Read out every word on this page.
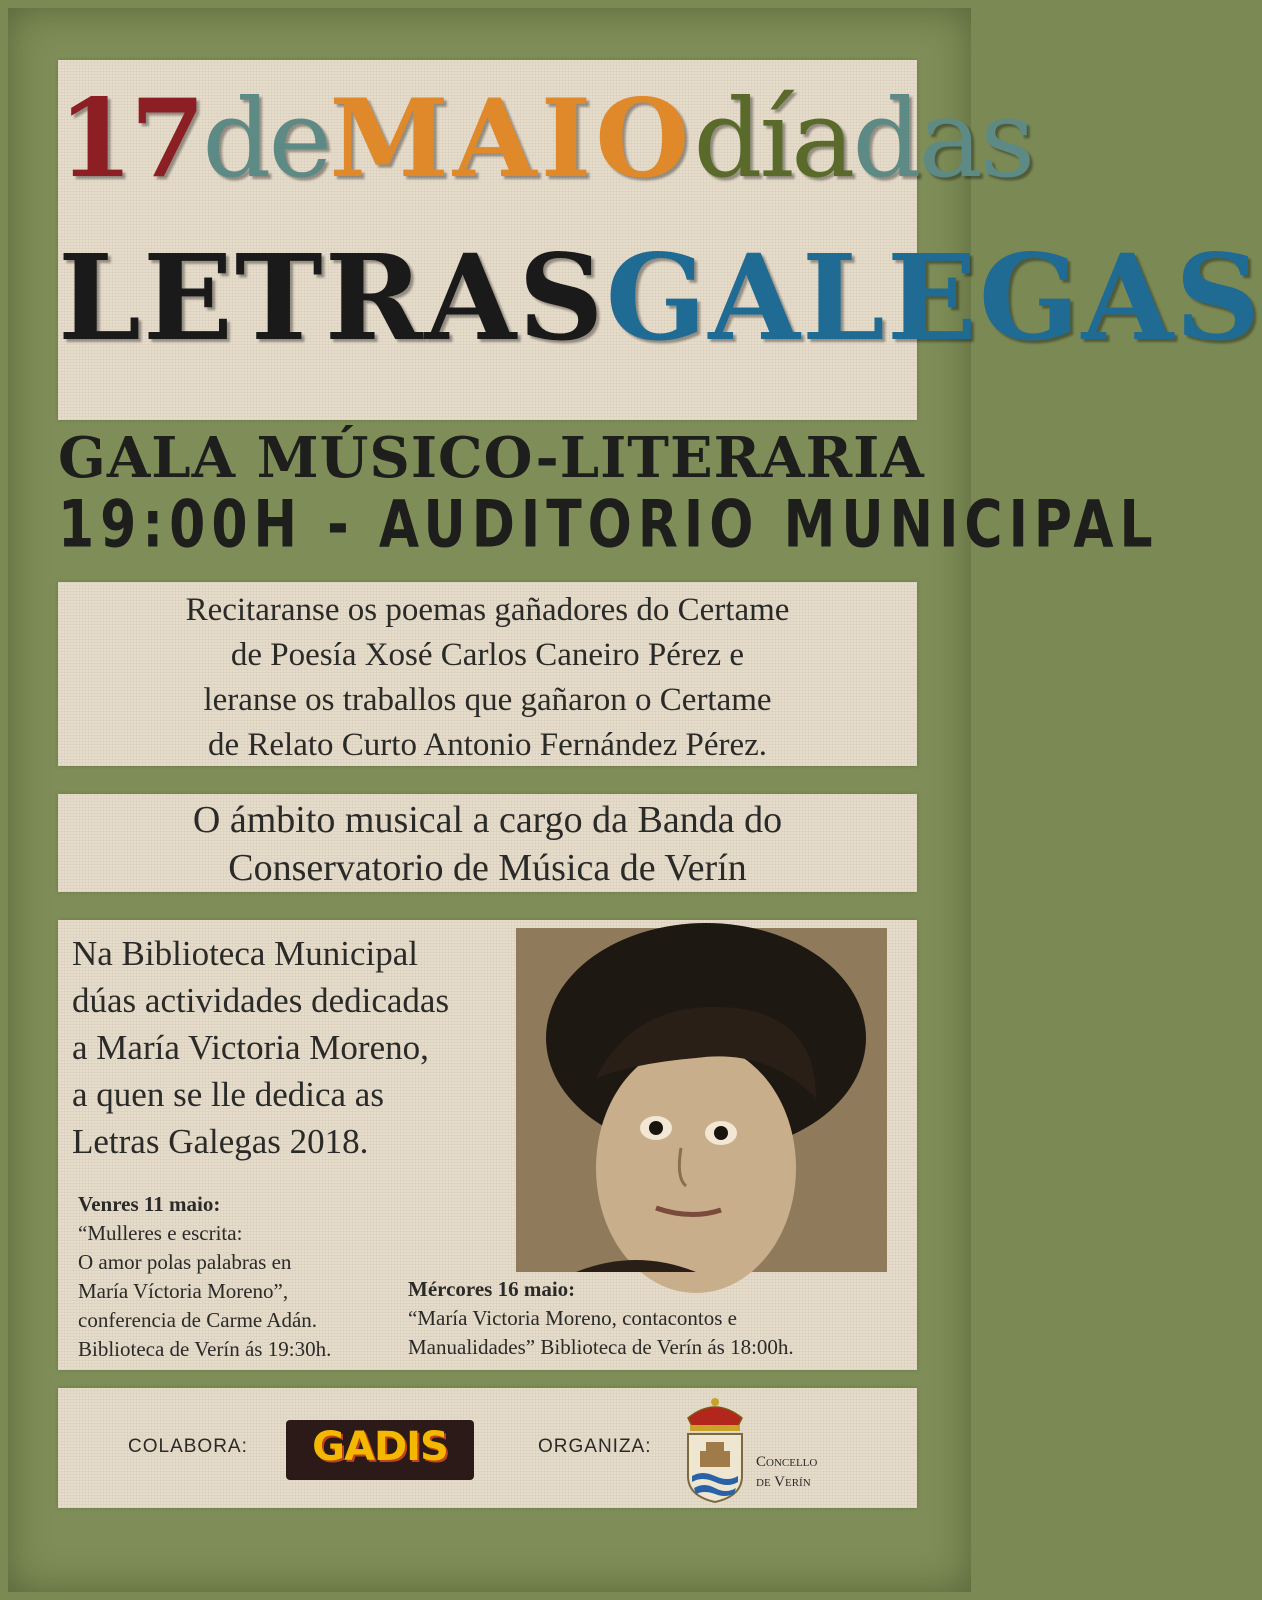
17deMAIOdíadas
LETRASGALEGAS
GALA MÚSICO-LITERARIA
19:00H - AUDITORIO MUNICIPAL
Recitaranse os poemas gañadores do Certame
de Poesía Xosé Carlos Caneiro Pérez e
leranse os traballos que gañaron o Certame
de Relato Curto Antonio Fernández Pérez.
O ámbito musical a cargo da Banda do
Conservatorio de Música de Verín
Na Biblioteca Municipal
dúas actividades dedicadas
a María Victoria Moreno,
a quen se lle dedica as
Letras Galegas 2018.
Venres 11 maio:
“Mulleres e escrita:
O amor polas palabras en
María Víctoria Moreno”,
conferencia de Carme Adán.
Biblioteca de Verín ás 19:30h.
Mércores 16 maio:
“María Victoria Moreno, contacontos e
Manualidades” Biblioteca de Verín ás 18:00h.
COLABORA:	GADIS	ORGANIZA:
Concello
de Verín
